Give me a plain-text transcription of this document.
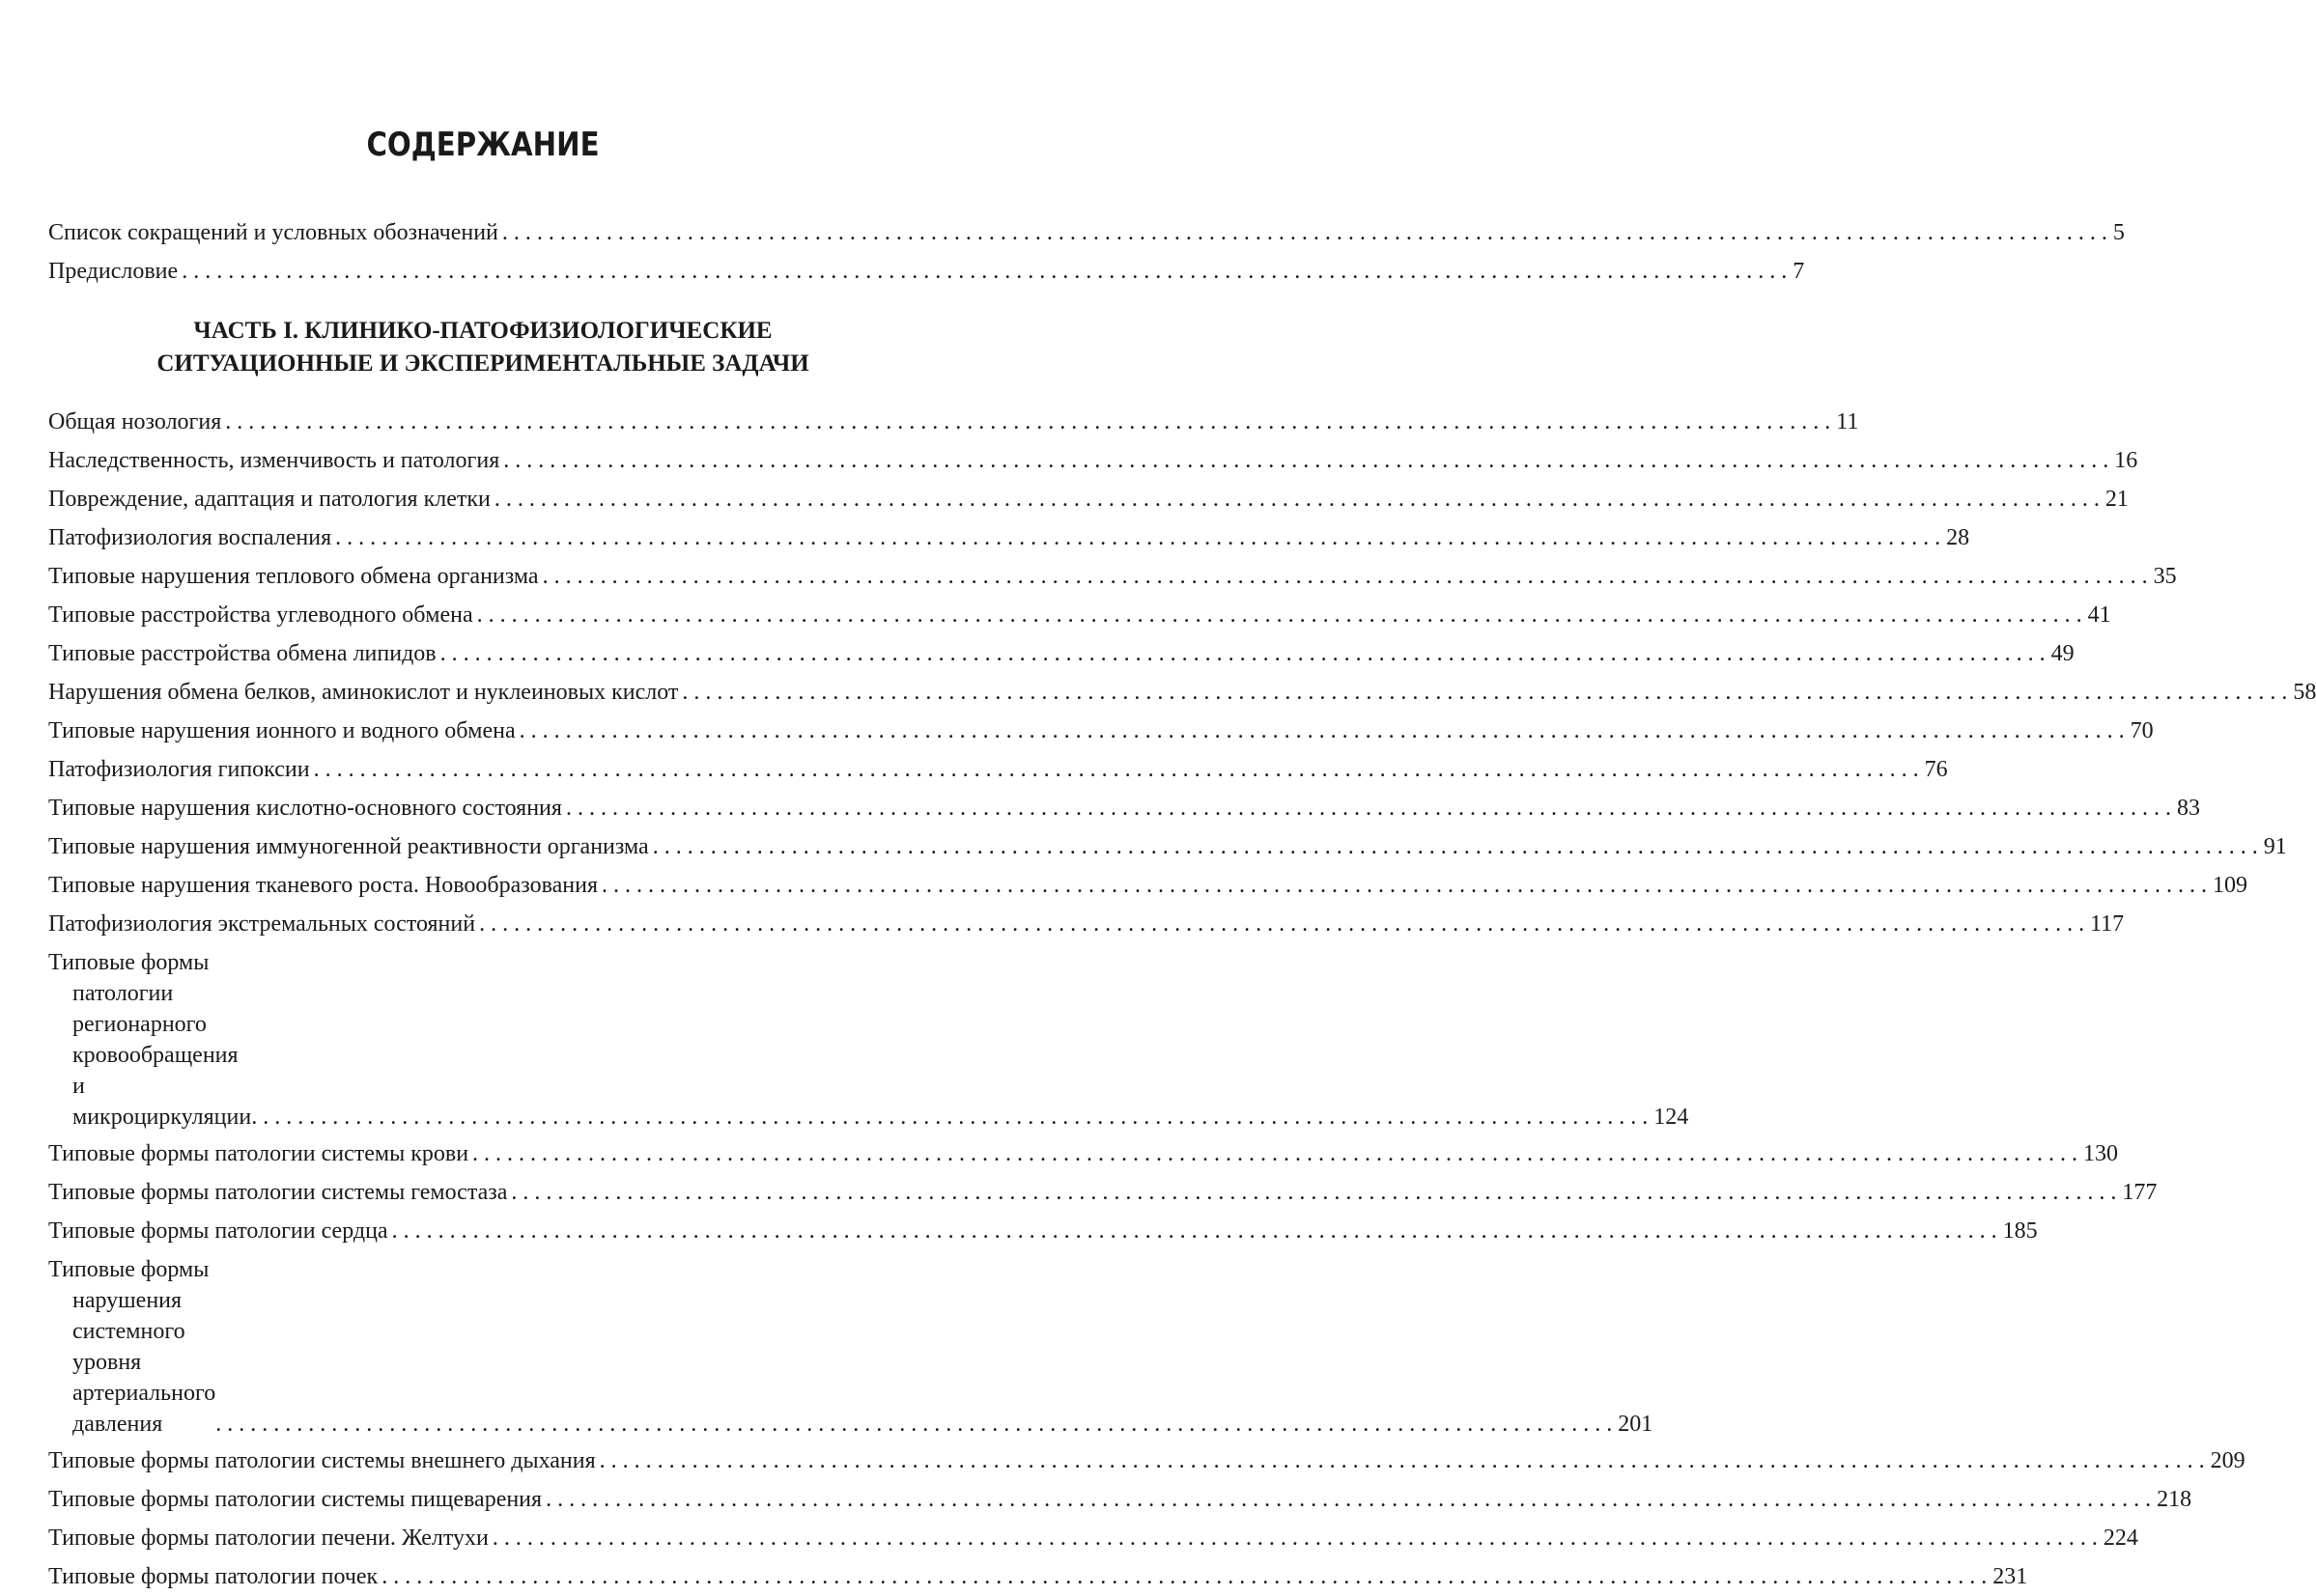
СОДЕРЖАНИЕ
Список сокращений и условных обозначений . . .	5
Предисловие . . .	7
ЧАСТЬ I. КЛИНИКО-ПАТОФИЗИОЛОГИЧЕСКИЕ
СИТУАЦИОННЫЕ И ЭКСПЕРИМЕНТАЛЬНЫЕ ЗАДАЧИ
Общая нозология . . .	11
Наследственность, изменчивость и патология . . .	16
Повреждение, адаптация и патология клетки . . .	21
Патофизиология воспаления . . .	28
Типовые нарушения теплового обмена организма . . .	35
Типовые расстройства углеводного обмена . . .	41
Типовые расстройства обмена липидов . . .	49
Нарушения обмена белков, аминокислот и нуклеиновых кислот . . .	58
Типовые нарушения ионного и водного обмена . . .	70
Патофизиология гипоксии . . .	76
Типовые нарушения кислотно-основного состояния . . .	83
Типовые нарушения иммуногенной реактивности организма . . .	91
Типовые нарушения тканевого роста. Новообразования . . .	109
Патофизиология экстремальных состояний . . .	117
Типовые формы патологии регионарного кровообращения и микроциркуляции . . .	124
Типовые формы патологии системы крови . . .	130
Типовые формы патологии системы гемостаза . . .	177
Типовые формы патологии сердца . . .	185
Типовые формы нарушения системного уровня артериального давления . . .	201
Типовые формы патологии системы внешнего дыхания . . .	209
Типовые формы патологии системы пищеварения . . .	218
Типовые формы патологии печени. Желтухи . . .	224
Типовые формы патологии почек . . .	231
